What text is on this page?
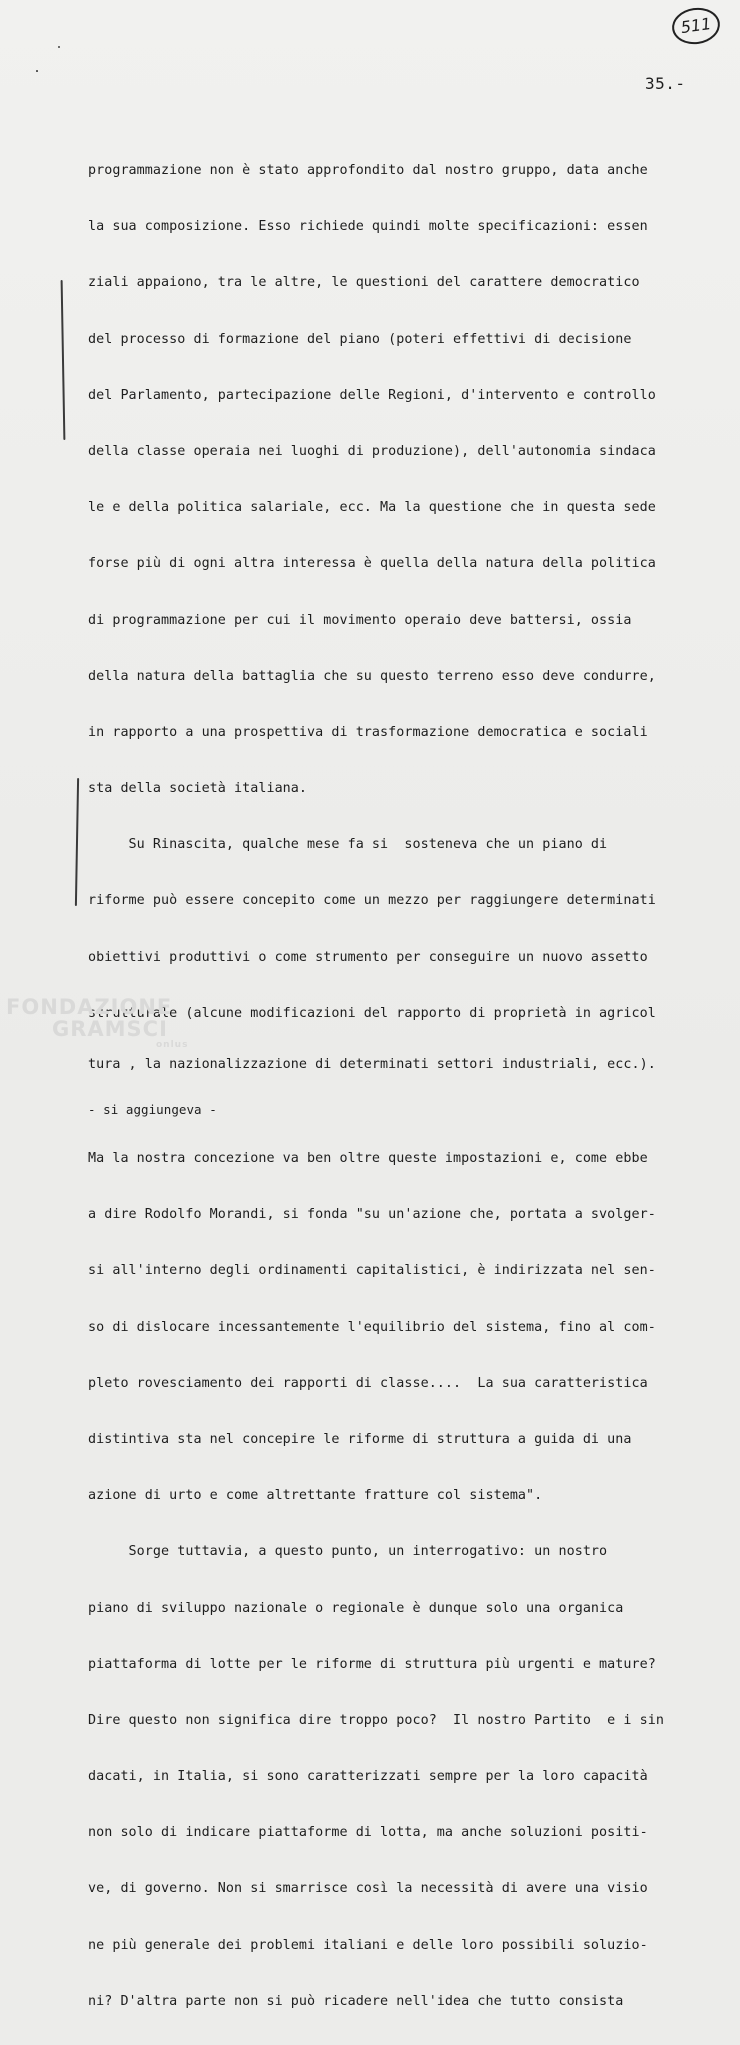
511
35.-

programmazione non è stato approfondito dal nostro gruppo, data anche

la sua composizione. Esso richiede quindi molte specificazioni: essen

ziali appaiono, tra le altre, le questioni del carattere democratico

del processo di formazione del piano (poteri effettivi di decisione

del Parlamento, partecipazione delle Regioni, d'intervento e controllo

della classe operaia nei luoghi di produzione), dell'autonomia sindaca

le e della politica salariale, ecc. Ma la questione che in questa sede

forse più di ogni altra interessa è quella della natura della politica

di programmazione per cui il movimento operaio deve battersi, ossia

della natura della battaglia che su questo terreno esso deve condurre,

in rapporto a una prospettiva di trasformazione democratica e sociali

sta della società italiana.

Su Rinascita, qualche mese fa si  sosteneva che un piano di

riforme può essere concepito come un mezzo per raggiungere determinati

obiettivi produttivi o come strumento per conseguire un nuovo assetto

strutturale (alcune modificazioni del rapporto di proprietà in agricol

tura , la nazionalizzazione di determinati settori industriali, ecc.).

- si aggiungeva -

Ma la nostra concezione va ben oltre queste impostazioni e, come ebbe

a dire Rodolfo Morandi, si fonda "su un'azione che, portata a svolger-

si all'interno degli ordinamenti capitalistici, è indirizzata nel sen-

so di dislocare incessantemente l'equilibrio del sistema, fino al com-

pleto rovesciamento dei rapporti di classe....  La sua caratteristica

distintiva sta nel concepire le riforme di struttura a guida di una

azione di urto e come altrettante fratture col sistema".

Sorge tuttavia, a questo punto, un interrogativo: un nostro

piano di sviluppo nazionale o regionale è dunque solo una organica

piattaforma di lotte per le riforme di struttura più urgenti e mature?

Dire questo non significa dire troppo poco?  Il nostro Partito  e i sin

dacati, in Italia, si sono caratterizzati sempre per la loro capacità

non solo di indicare piattaforme di lotta, ma anche soluzioni positi-

ve, di governo. Non si smarrisce così la necessità di avere una visio

ne più generale dei problemi italiani e delle loro possibili soluzio-

ni? D'altra parte non si può ricadere nell'idea che tutto consista

FONDAZIONE
GRAMSCI
onlus
